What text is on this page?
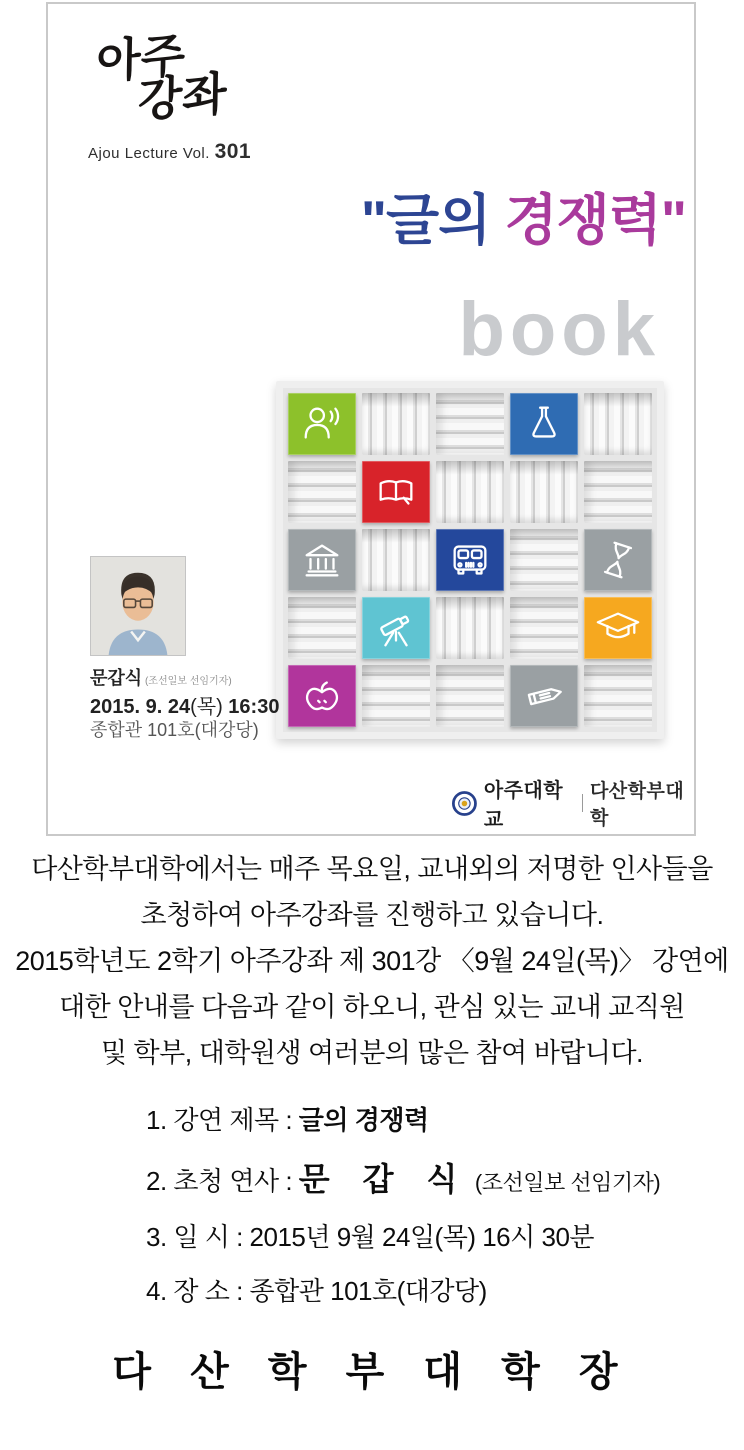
아주
강좌
Ajou Lecture Vol. 301
"글의 경쟁력"
book
문갑식 (조선일보 선임기자)
2015. 9. 24(목) 16:30
종합관 101호(대강당)
아주대학교
다산학부대학
다산학부대학에서는 매주 목요일, 교내외의 저명한 인사들을
초청하여 아주강좌를 진행하고 있습니다.
2015학년도 2학기 아주강좌 제 301강 〈9월 24일(목)〉 강연에
대한 안내를 다음과 같이 하오니, 관심 있는 교내 교직원
및 학부, 대학원생 여러분의 많은 참여 바랍니다.
1. 강연 제목 : 글의 경쟁력
2. 초청 연사 : 문 갑 식 (조선일보 선임기자)
3. 일 시 : 2015년 9월 24일(목) 16시 30분
4. 장 소 : 종합관 101호(대강당)
다 산 학 부 대 학 장
